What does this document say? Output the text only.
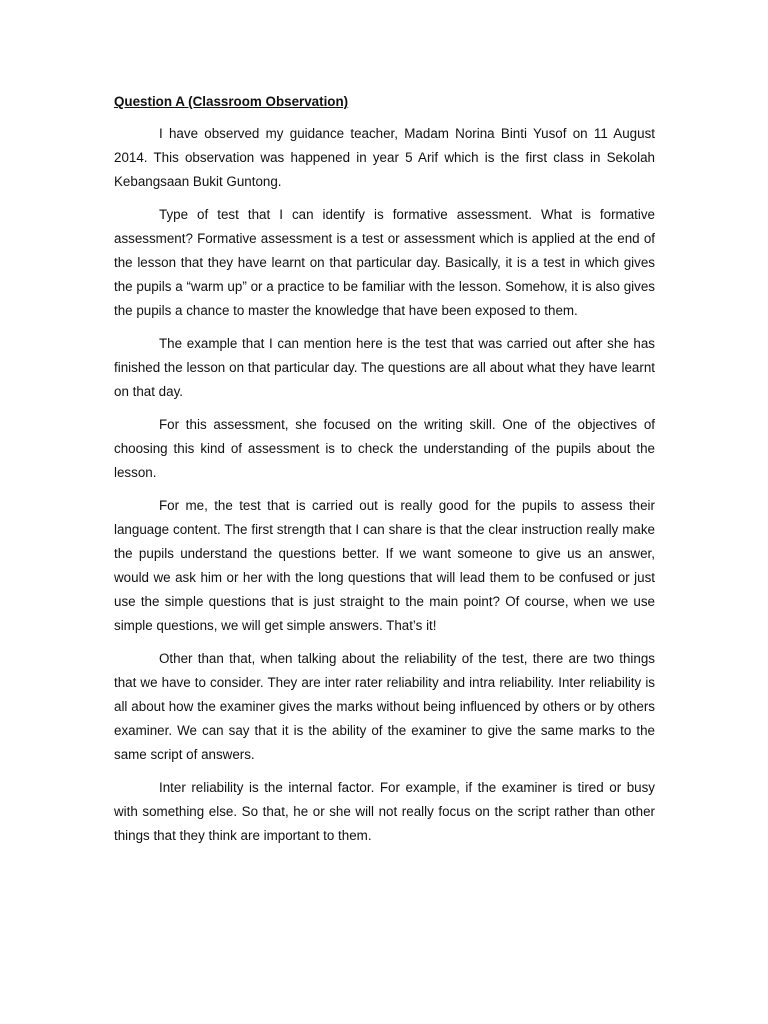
Question A (Classroom Observation)

I have observed my guidance teacher, Madam Norina Binti Yusof on 11 August 2014. This observation was happened in year 5 Arif which is the first class in Sekolah Kebangsaan Bukit Guntong.

Type of test that I can identify is formative assessment. What is formative assessment? Formative assessment is a test or assessment which is applied at the end of the lesson that they have learnt on that particular day. Basically, it is a test in which gives the pupils a “warm up” or a practice to be familiar with the lesson. Somehow, it is also gives the pupils a chance to master the knowledge that have been exposed to them.

The example that I can mention here is the test that was carried out after she has finished the lesson on that particular day. The questions are all about what they have learnt on that day.

For this assessment, she focused on the writing skill. One of the objectives of choosing this kind of assessment is to check the understanding of the pupils about the lesson.

For me, the test that is carried out is really good for the pupils to assess their language content. The first strength that I can share is that the clear instruction really make the pupils understand the questions better. If we want someone to give us an answer, would we ask him or her with the long questions that will lead them to be confused or just use the simple questions that is just straight to the main point? Of course, when we use simple questions, we will get simple answers. That’s it!

Other than that, when talking about the reliability of the test, there are two things that we have to consider. They are inter rater reliability and intra reliability. Inter reliability is all about how the examiner gives the marks without being influenced by others or by others examiner. We can say that it is the ability of the examiner to give the same marks to the same script of answers.

Inter reliability is the internal factor. For example, if the examiner is tired or busy with something else. So that, he or she will not really focus on the script rather than other things that they think are important to them.
